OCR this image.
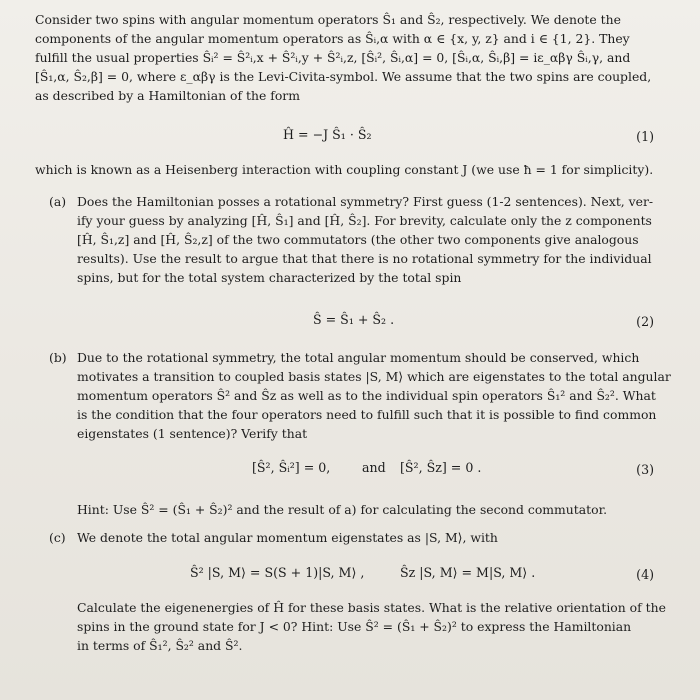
Consider two spins with angular momentum operators Ŝ₁ and Ŝ₂, respectively. We denote the
components of the angular momentum operators as Ŝᵢ,α with α ∈ {x, y, z} and i ∈ {1, 2}. They
fulfill the usual properties Ŝᵢ² = Ŝ²ᵢ,x + Ŝ²ᵢ,y + Ŝ²ᵢ,z, [Ŝᵢ², Ŝᵢ,α] = 0, [Ŝᵢ,α, Ŝᵢ,β] = iε_αβγ Ŝᵢ,γ, and
[Ŝ₁,α, Ŝ₂,β] = 0, where ε_αβγ is the Levi-Civita-symbol. We assume that the two spins are coupled,
as described by a Hamiltonian of the form
Ĥ = −J Ŝ₁ · Ŝ₂	(1)
which is known as a Heisenberg interaction with coupling constant J (we use ħ = 1 for simplicity).
(a) Does the Hamiltonian posses a rotational symmetry? First guess (1-2 sentences). Next, ver-
ify your guess by analyzing [Ĥ, Ŝ₁] and [Ĥ, Ŝ₂]. For brevity, calculate only the z components
[Ĥ, Ŝ₁,z] and [Ĥ, Ŝ₂,z] of the two commutators (the other two components give analogous
results). Use the result to argue that that there is no rotational symmetry for the individual
spins, but for the total system characterized by the total spin
Ŝ = Ŝ₁ + Ŝ₂ .	(2)
(b) Due to the rotational symmetry, the total angular momentum should be conserved, which
motivates a transition to coupled basis states |S, M⟩ which are eigenstates to the total angular
momentum operators Ŝ² and Ŝz as well as to the individual spin operators Ŝ₁² and Ŝ₂². What
is the condition that the four operators need to fulfill such that it is possible to find common
eigenstates (1 sentence)? Verify that
[Ŝ², Ŝᵢ²] = 0,	and [Ŝ², Ŝz] = 0 .	(3)
Hint: Use Ŝ² = (Ŝ₁ + Ŝ₂)² and the result of a) for calculating the second commutator.
(c) We denote the total angular momentum eigenstates as |S, M⟩, with
Ŝ² |S, M⟩ = S(S + 1)|S, M⟩ ,	Ŝz |S, M⟩ = M|S, M⟩ .	(4)
Calculate the eigenenergies of Ĥ for these basis states. What is the relative orientation of the
spins in the ground state for J < 0? Hint: Use Ŝ² = (Ŝ₁ + Ŝ₂)² to express the Hamiltonian
in terms of Ŝ₁², Ŝ₂² and Ŝ².
